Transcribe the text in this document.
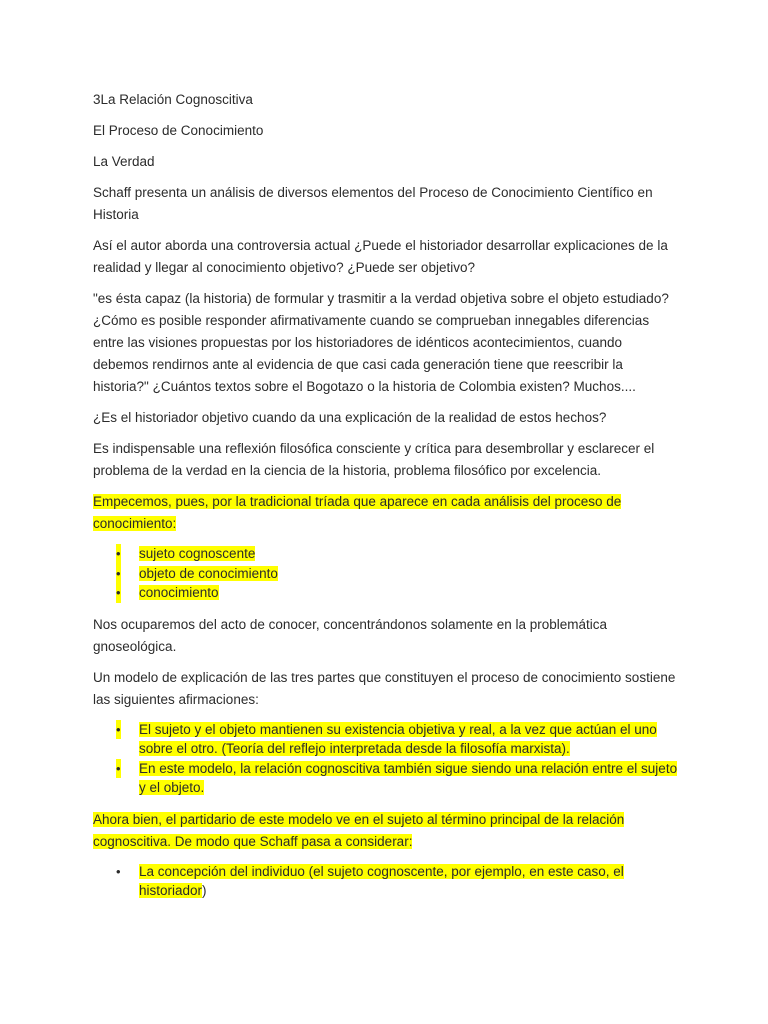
3La Relación Cognoscitiva

El Proceso de Conocimiento

La Verdad

Schaff presenta un análisis de diversos elementos del Proceso de Conocimiento Científico en Historia

Así el autor aborda una controversia actual ¿Puede el historiador desarrollar explicaciones de la realidad y llegar al conocimiento objetivo? ¿Puede ser objetivo?

"es ésta capaz (la historia) de formular y trasmitir a la verdad objetiva sobre el objeto estudiado? ¿Cómo es posible responder afirmativamente cuando se comprueban innegables diferencias entre las visiones propuestas por los historiadores de idénticos acontecimientos, cuando debemos rendirnos ante al evidencia de que casi cada generación tiene que reescribir la historia?" ¿Cuántos textos sobre el Bogotazo o la historia de Colombia existen? Muchos....

¿Es el historiador objetivo cuando da una explicación de la realidad de estos hechos?

Es indispensable una reflexión filosófica consciente y crítica para desembrollar y esclarecer el problema de la verdad en la ciencia de la historia, problema filosófico por excelencia.

Empecemos, pues, por la tradicional tríada que aparece en cada análisis del proceso de conocimiento:

• sujeto cognoscente
• objeto de conocimiento
• conocimiento

Nos ocuparemos del acto de conocer, concentrándonos solamente en la problemática gnoseológica.

Un modelo de explicación de las tres partes que constituyen el proceso de conocimiento sostiene las siguientes afirmaciones:

• El sujeto y el objeto mantienen su existencia objetiva y real, a la vez que actúan el uno sobre el otro. (Teoría del reflejo interpretada desde la filosofía marxista).
• En este modelo, la relación cognoscitiva también sigue siendo una relación entre el sujeto y el objeto.

Ahora bien, el partidario de este modelo ve en el sujeto al término principal de la relación cognoscitiva. De modo que Schaff pasa a considerar:

• La concepción del individuo (el sujeto cognoscente, por ejemplo, en este caso, el historiador)
